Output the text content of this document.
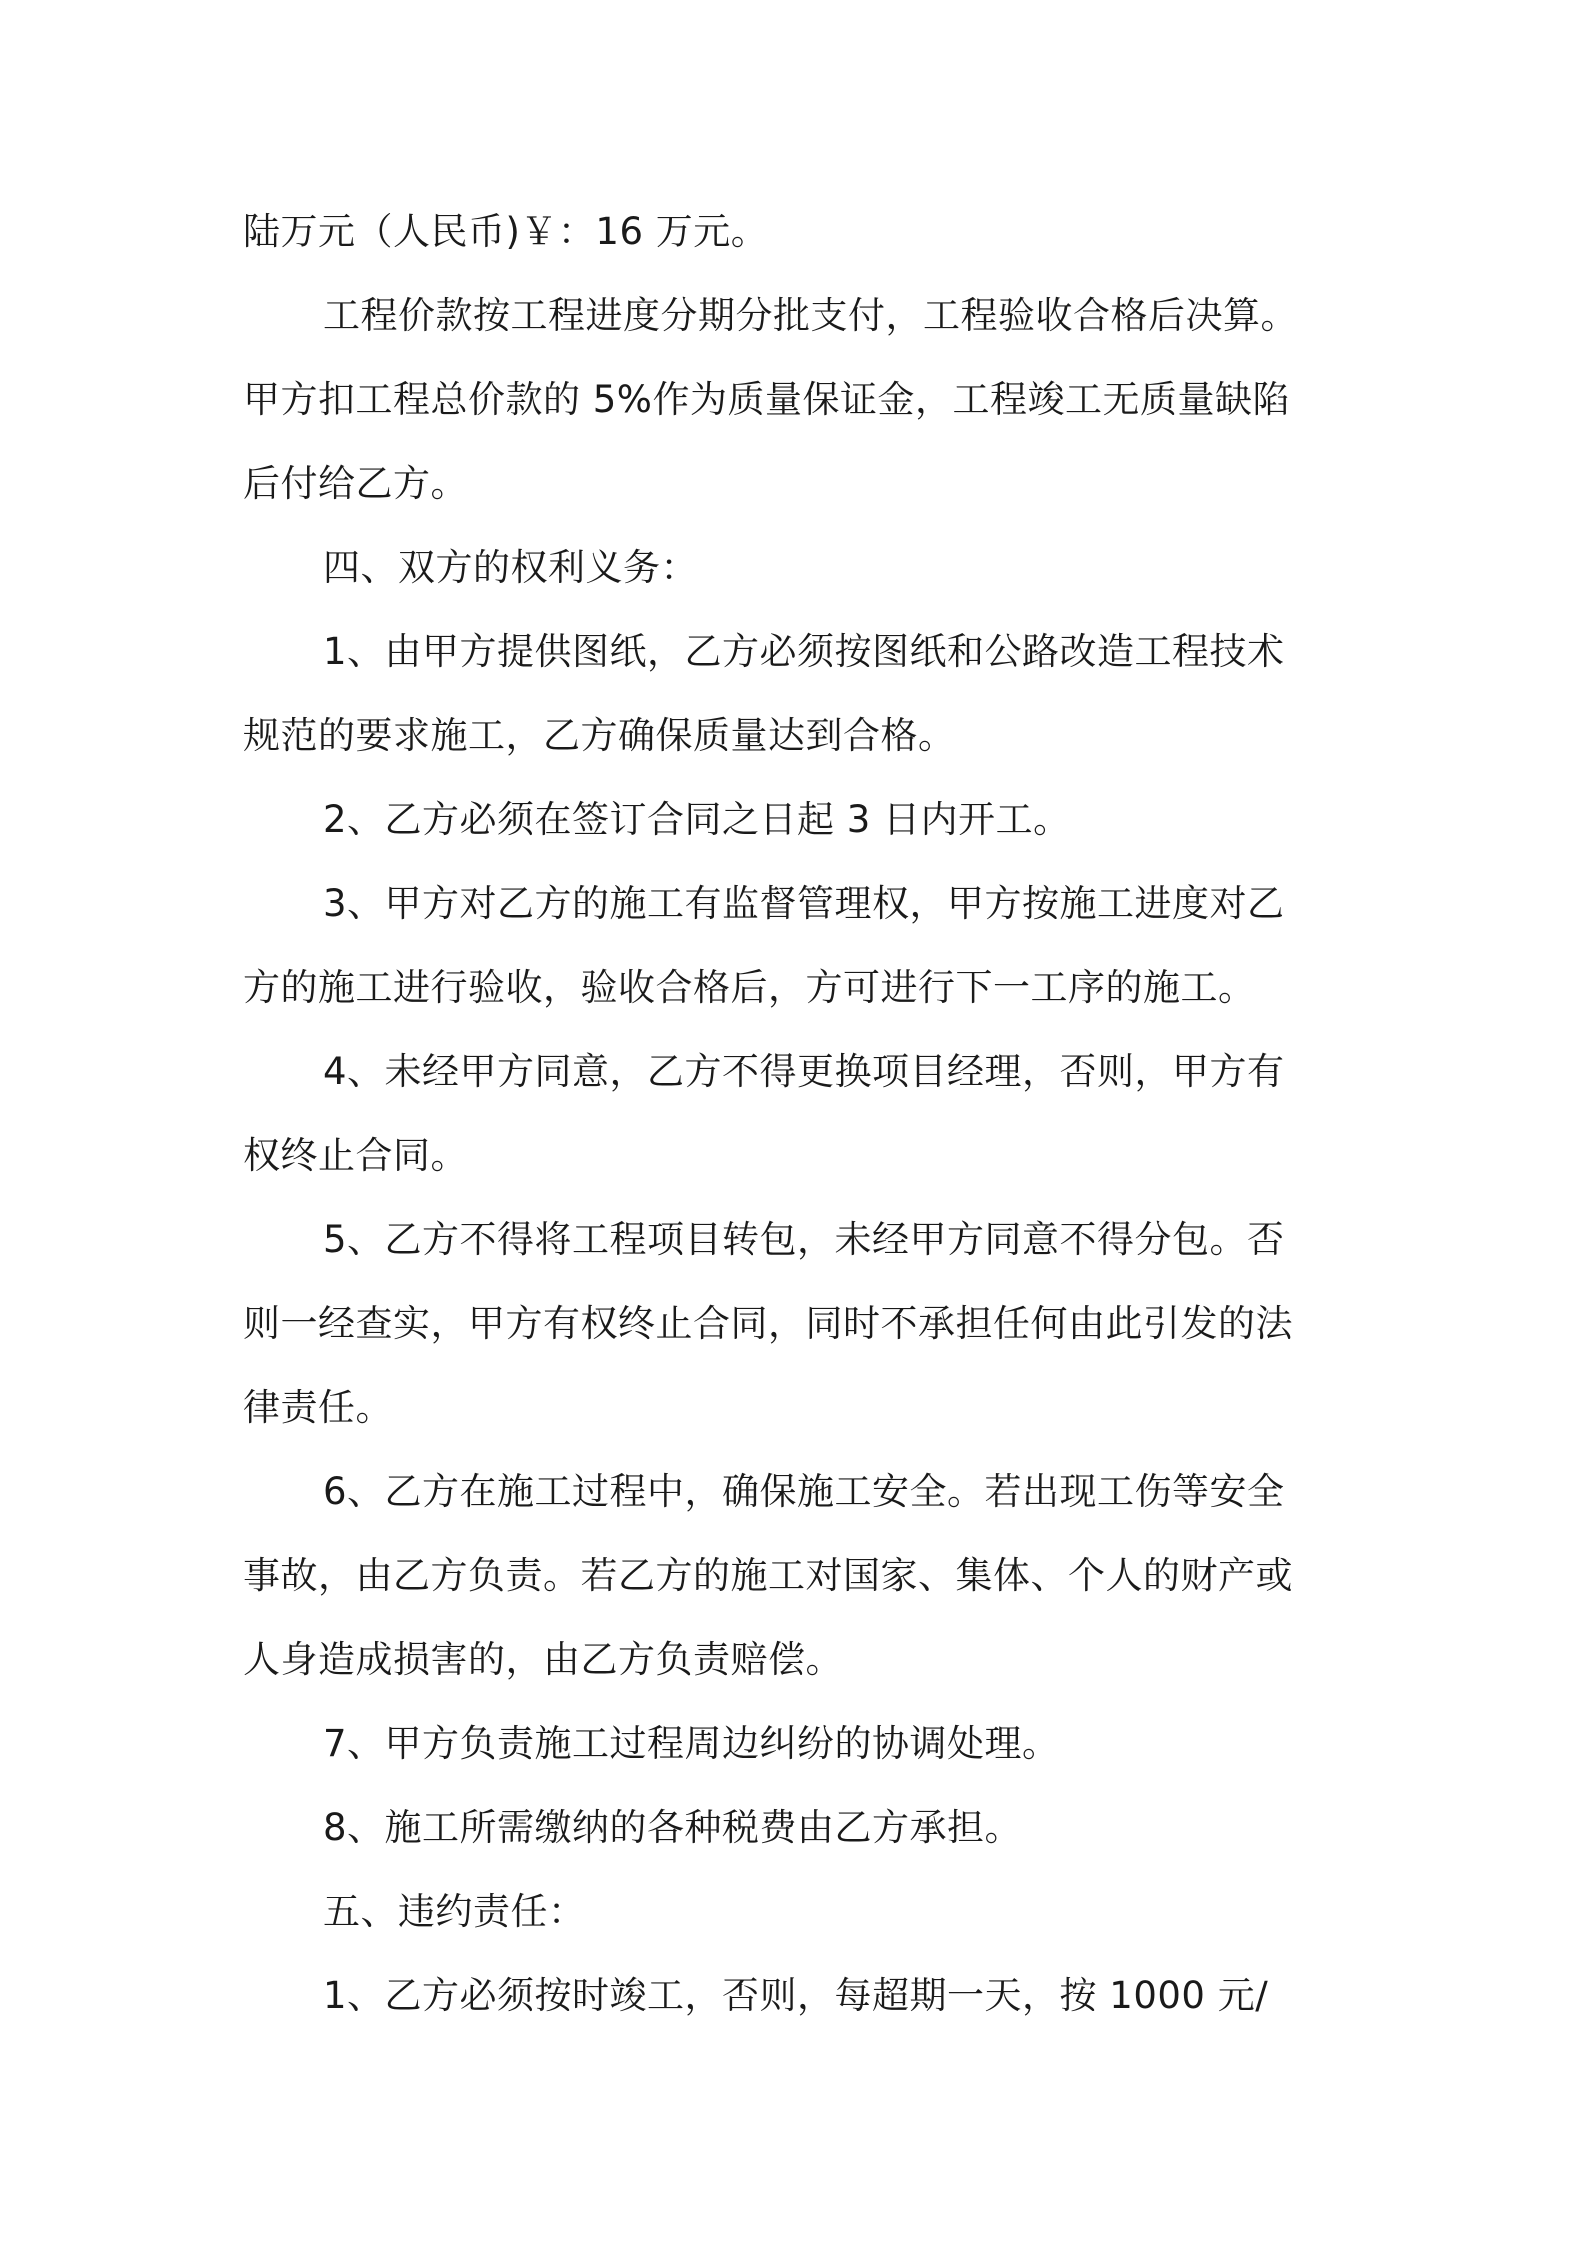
陆万元（人民币)￥：16 万元。
工程价款按工程进度分期分批支付，工程验收合格后决算。
甲方扣工程总价款的 5%作为质量保证金，工程竣工无质量缺陷
后付给乙方。
四、双方的权利义务：
1、由甲方提供图纸，乙方必须按图纸和公路改造工程技术
规范的要求施工，乙方确保质量达到合格。
2、乙方必须在签订合同之日起 3 日内开工。
3、甲方对乙方的施工有监督管理权，甲方按施工进度对乙
方的施工进行验收，验收合格后，方可进行下一工序的施工。
4、未经甲方同意，乙方不得更换项目经理，否则，甲方有
权终止合同。
5、乙方不得将工程项目转包，未经甲方同意不得分包。否
则一经查实，甲方有权终止合同，同时不承担任何由此引发的法
律责任。
6、乙方在施工过程中，确保施工安全。若出现工伤等安全
事故，由乙方负责。若乙方的施工对国家、集体、个人的财产或
人身造成损害的，由乙方负责赔偿。
7、甲方负责施工过程周边纠纷的协调处理。
8、施工所需缴纳的各种税费由乙方承担。
五、违约责任：
1、乙方必须按时竣工，否则，每超期一天，按 1000 元/
